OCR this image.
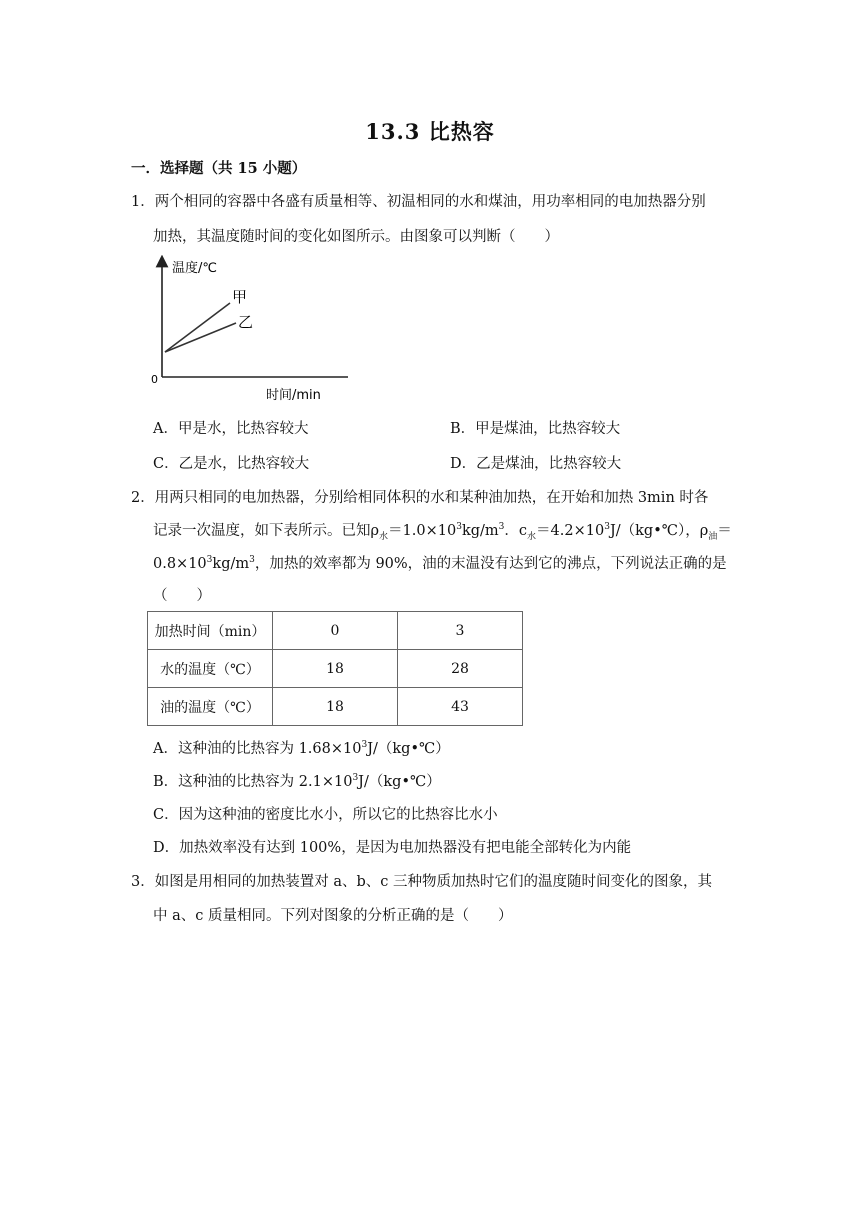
13.3 比热容
一．选择题（共 15 小题）
1．两个相同的容器中各盛有质量相等、初温相同的水和煤油，用功率相同的电加热器分别
加热，其温度随时间的变化如图所示。由图象可以判断（　　）
温度/℃
0
时间/min
甲
乙
A．甲是水，比热容较大	B．甲是煤油，比热容较大
C．乙是水，比热容较大	D．乙是煤油，比热容较大
2．用两只相同的电加热器，分别给相同体积的水和某种油加热，在开始和加热 3min 时各
记录一次温度，如下表所示。已知$\rho_水=1.0\times 10^3kg/m^3$．$c_水=4.2\times 10^3J/(kg•℃)$，$\rho_油=$
$0.8\times 10^3kg/m^3$，加热的效率都为 90%，油的末温没有达到它的沸点，下列说法正确的是
（　　）
加热时间（min）	0	3
水的温度（℃）	18	28
油的温度（℃）	18	43
A．这种油的比热容为 $1.68\times 10^3J/(kg•℃)$
B．这种油的比热容为 $2.1\times 10^3J/(kg•℃)$
C．因为这种油的密度比水小，所以它的比热容比水小
D．加热效率没有达到 100%，是因为电加热器没有把电能全部转化为内能
3．如图是用相同的加热装置对 a、b、c 三种物质加热时它们的温度随时间变化的图象，其
中 a、c 质量相同。下列对图象的分析正确的是（　　）
